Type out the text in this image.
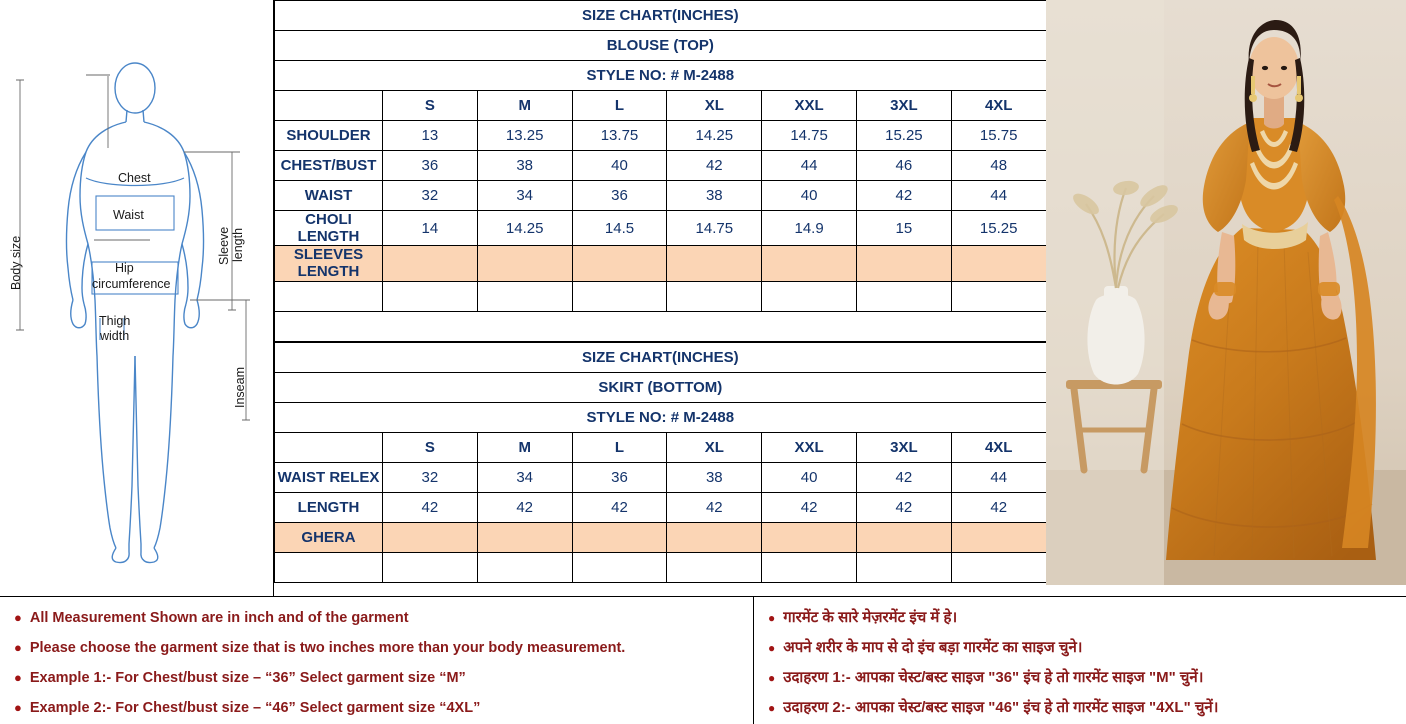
Chest
Waist
Hip
circumference
Thigh
width
Body size	Sleeve length
Inseam
SIZE CHART(INCHES)							
BLOUSE (TOP)							
STYLE NO: # M-2488							
	S	M	L	XL	XXL	3XL	4XL
SHOULDER	13	13.25	13.75	14.25	14.75	15.25	15.75
CHEST/BUST	36	38	40	42	44	46	48
WAIST	32	34	36	38	40	42	44
CHOLI LENGTH	14	14.25	14.5	14.75	14.9	15	15.25
SLEEVES LENGTH							

SIZE CHART(INCHES)							
SKIRT (BOTTOM)							
STYLE NO: # M-2488							
	S	M	L	XL	XXL	3XL	4XL
WAIST RELEX	32	34	36	38	40	42	44
LENGTH	42	42	42	42	42	42	42
GHERA							

● All Measurement Shown are in inch and of the garment
● Please choose the garment size that is two inches more than your body measurement.
● Example 1:- For Chest/bust size – “36” Select garment size “M”
● Example 2:- For Chest/bust size – “46” Select garment size “4XL”
● गारमेंट के सारे मेज़रमेंट इंच में हे।
● अपने शरीर के माप से दो इंच बड़ा गारमेंट का साइज चुने।
● उदाहरण 1:- आपका चेस्ट/बस्ट साइज "36" इंच हे तो गारमेंट साइज "M" चुनें।
● उदाहरण 2:- आपका चेस्ट/बस्ट साइज "46" इंच हे तो गारमेंट साइज "4XL" चुनें।
